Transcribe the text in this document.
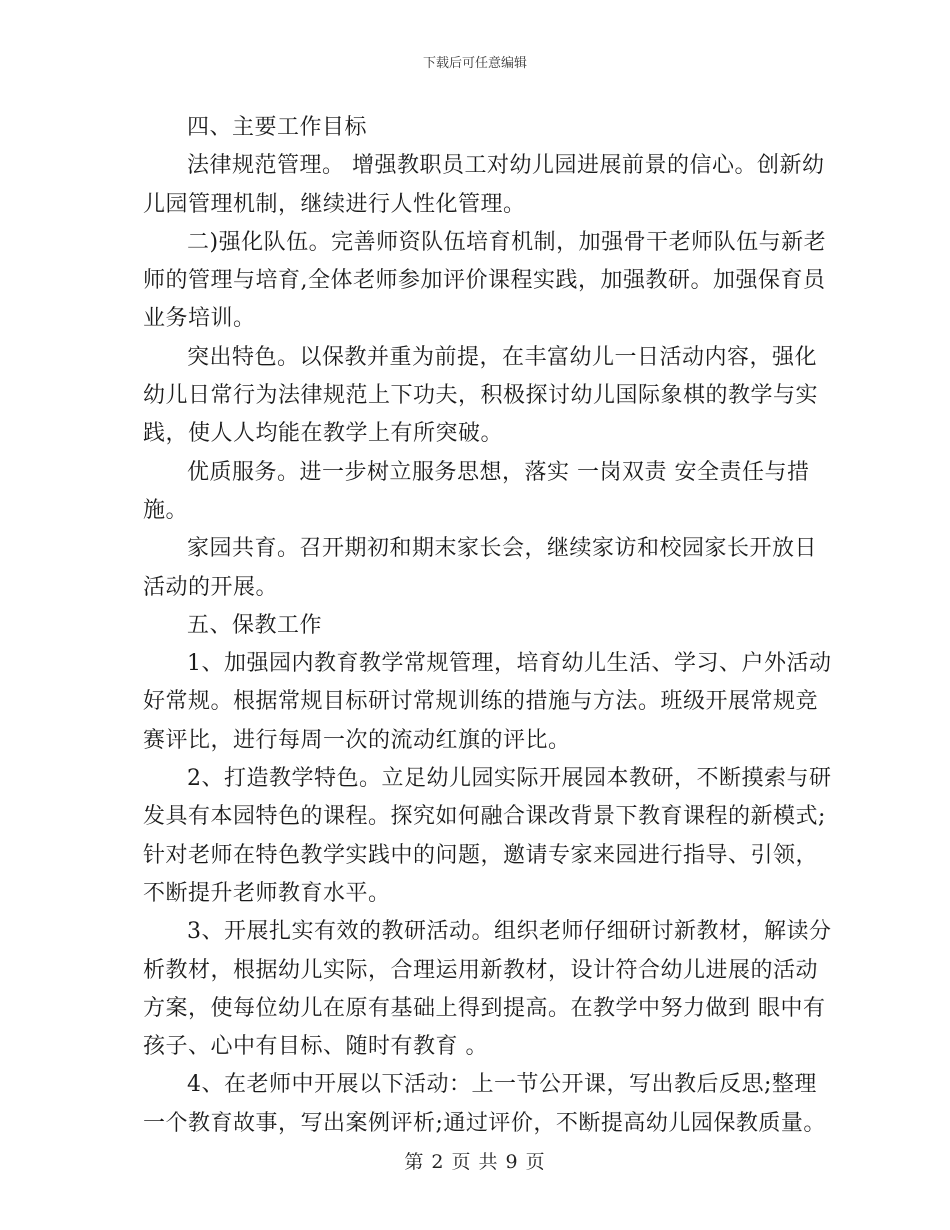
下载后可任意编辑
四、主要工作目标
法律规范管理。 增强教职员工对幼儿园进展前景的信心。创新幼
儿园管理机制，继续进行人性化管理。
二)强化队伍。完善师资队伍培育机制，加强骨干老师队伍与新老
师的管理与培育,全体老师参加评价课程实践，加强教研。加强保育员
业务培训。
突出特色。以保教并重为前提，在丰富幼儿一日活动内容，强化
幼儿日常行为法律规范上下功夫，积极探讨幼儿国际象棋的教学与实
践，使人人均能在教学上有所突破。
优质服务。进一步树立服务思想，落实 一岗双责 安全责任与措
施。
家园共育。召开期初和期末家长会，继续家访和校园家长开放日
活动的开展。
五、保教工作
1、加强园内教育教学常规管理，培育幼儿生活、学习、户外活动
好常规。根据常规目标研讨常规训练的措施与方法。班级开展常规竞
赛评比，进行每周一次的流动红旗的评比。
2、打造教学特色。立足幼儿园实际开展园本教研，不断摸索与研
发具有本园特色的课程。探究如何融合课改背景下教育课程的新模式;
针对老师在特色教学实践中的问题，邀请专家来园进行指导、引领，
不断提升老师教育水平。
3、开展扎实有效的教研活动。组织老师仔细研讨新教材，解读分
析教材，根据幼儿实际，合理运用新教材，设计符合幼儿进展的活动
方案，使每位幼儿在原有基础上得到提高。在教学中努力做到 眼中有
孩子、心中有目标、随时有教育 。
4、在老师中开展以下活动：上一节公开课，写出教后反思;整理
一个教育故事，写出案例评析;通过评价，不断提高幼儿园保教质量。
第 2 页 共 9 页
